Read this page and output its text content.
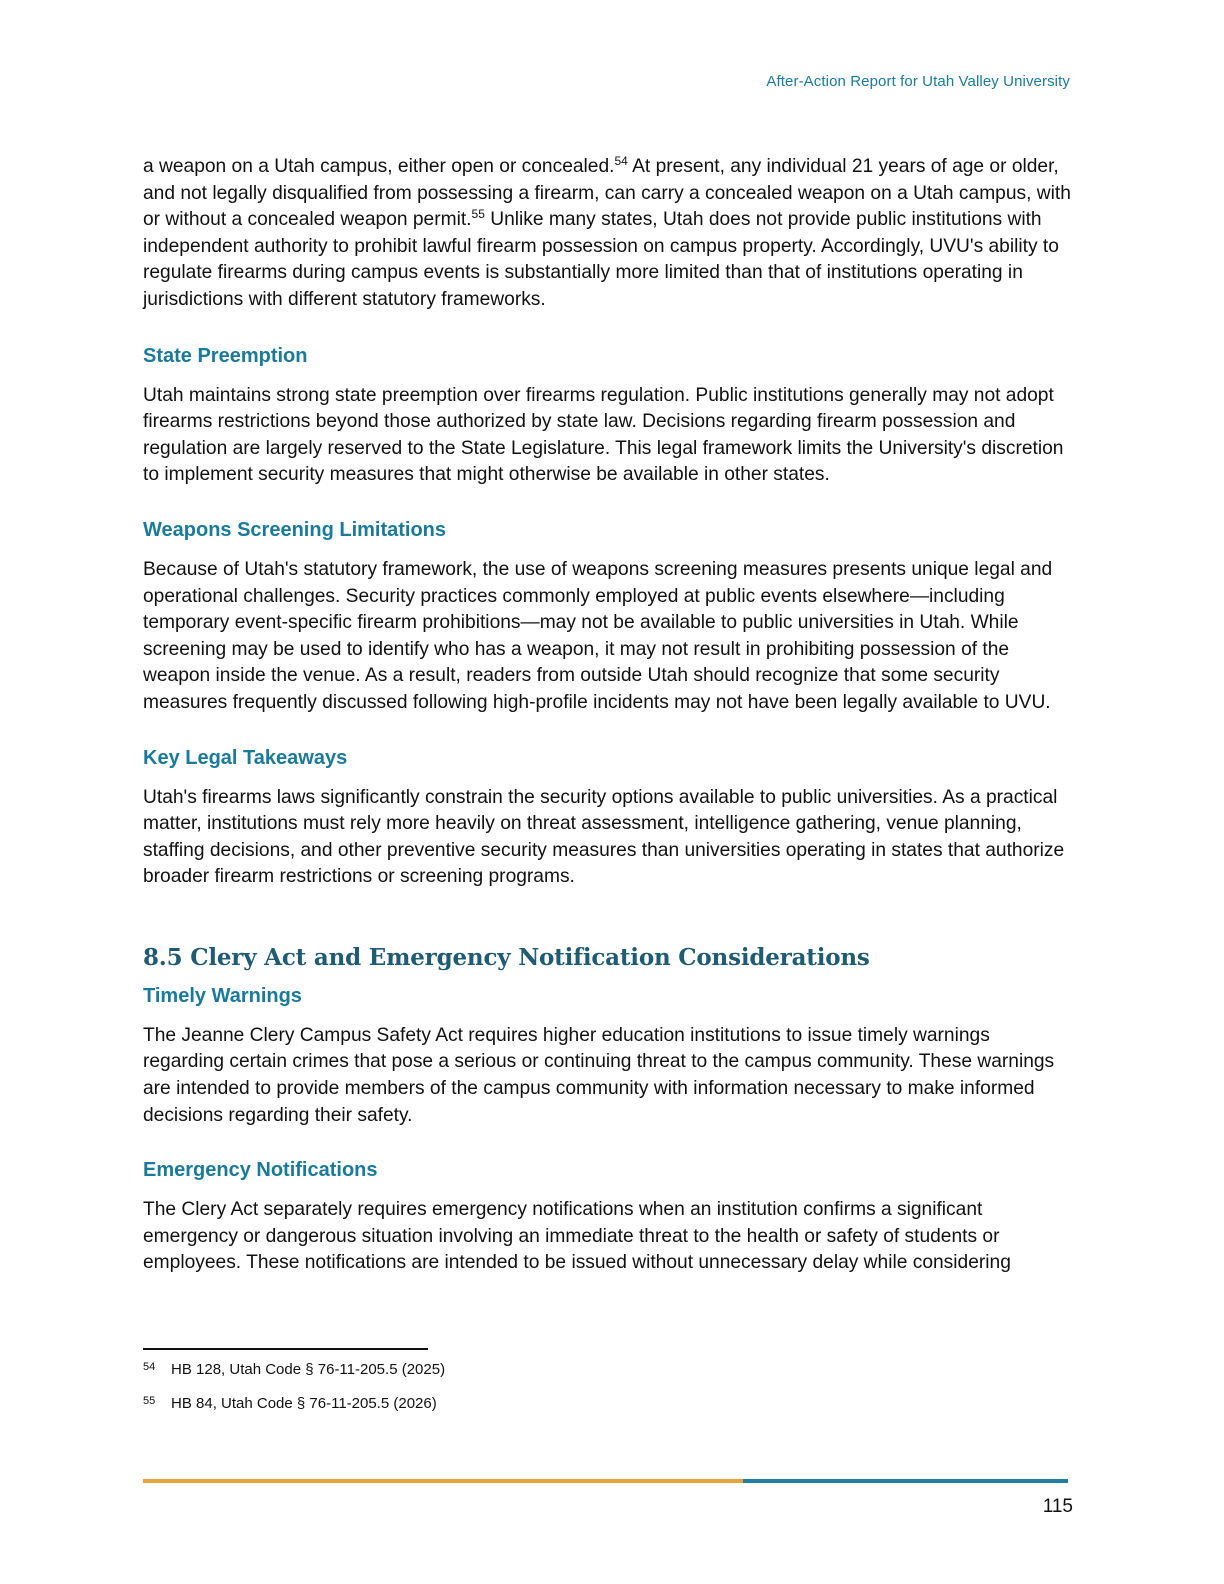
After-Action Report for Utah Valley University

a weapon on a Utah campus, either open or concealed.$^{54}$ At present, any individual 21 years of age or older, and not legally disqualified from possessing a firearm, can carry a concealed weapon on a Utah campus, with or without a concealed weapon permit.$^{55}$ Unlike many states, Utah does not provide public institutions with independent authority to prohibit lawful firearm possession on campus property. Accordingly, UVU's ability to regulate firearms during campus events is substantially more limited than that of institutions operating in jurisdictions with different statutory frameworks.

State Preemption

Utah maintains strong state preemption over firearms regulation. Public institutions generally may not adopt firearms restrictions beyond those authorized by state law. Decisions regarding firearm possession and regulation are largely reserved to the State Legislature. This legal framework limits the University's discretion to implement security measures that might otherwise be available in other states.

Weapons Screening Limitations

Because of Utah's statutory framework, the use of weapons screening measures presents unique legal and operational challenges. Security practices commonly employed at public events elsewhere—including temporary event-specific firearm prohibitions—may not be available to public universities in Utah. While screening may be used to identify who has a weapon, it may not result in prohibiting possession of the weapon inside the venue. As a result, readers from outside Utah should recognize that some security measures frequently discussed following high-profile incidents may not have been legally available to UVU.

Key Legal Takeaways

Utah's firearms laws significantly constrain the security options available to public universities. As a practical matter, institutions must rely more heavily on threat assessment, intelligence gathering, venue planning, staffing decisions, and other preventive security measures than universities operating in states that authorize broader firearm restrictions or screening programs.

8.5 Clery Act and Emergency Notification Considerations
Timely Warnings

The Jeanne Clery Campus Safety Act requires higher education institutions to issue timely warnings regarding certain crimes that pose a serious or continuing threat to the campus community. These warnings are intended to provide members of the campus community with information necessary to make informed decisions regarding their safety.

Emergency Notifications

The Clery Act separately requires emergency notifications when an institution confirms a significant emergency or dangerous situation involving an immediate threat to the health or safety of students or employees. These notifications are intended to be issued without unnecessary delay while considering

54	HB 128, Utah Code § 76-11-205.5 (2025)
55	HB 84, Utah Code § 76-11-205.5 (2026)
115
